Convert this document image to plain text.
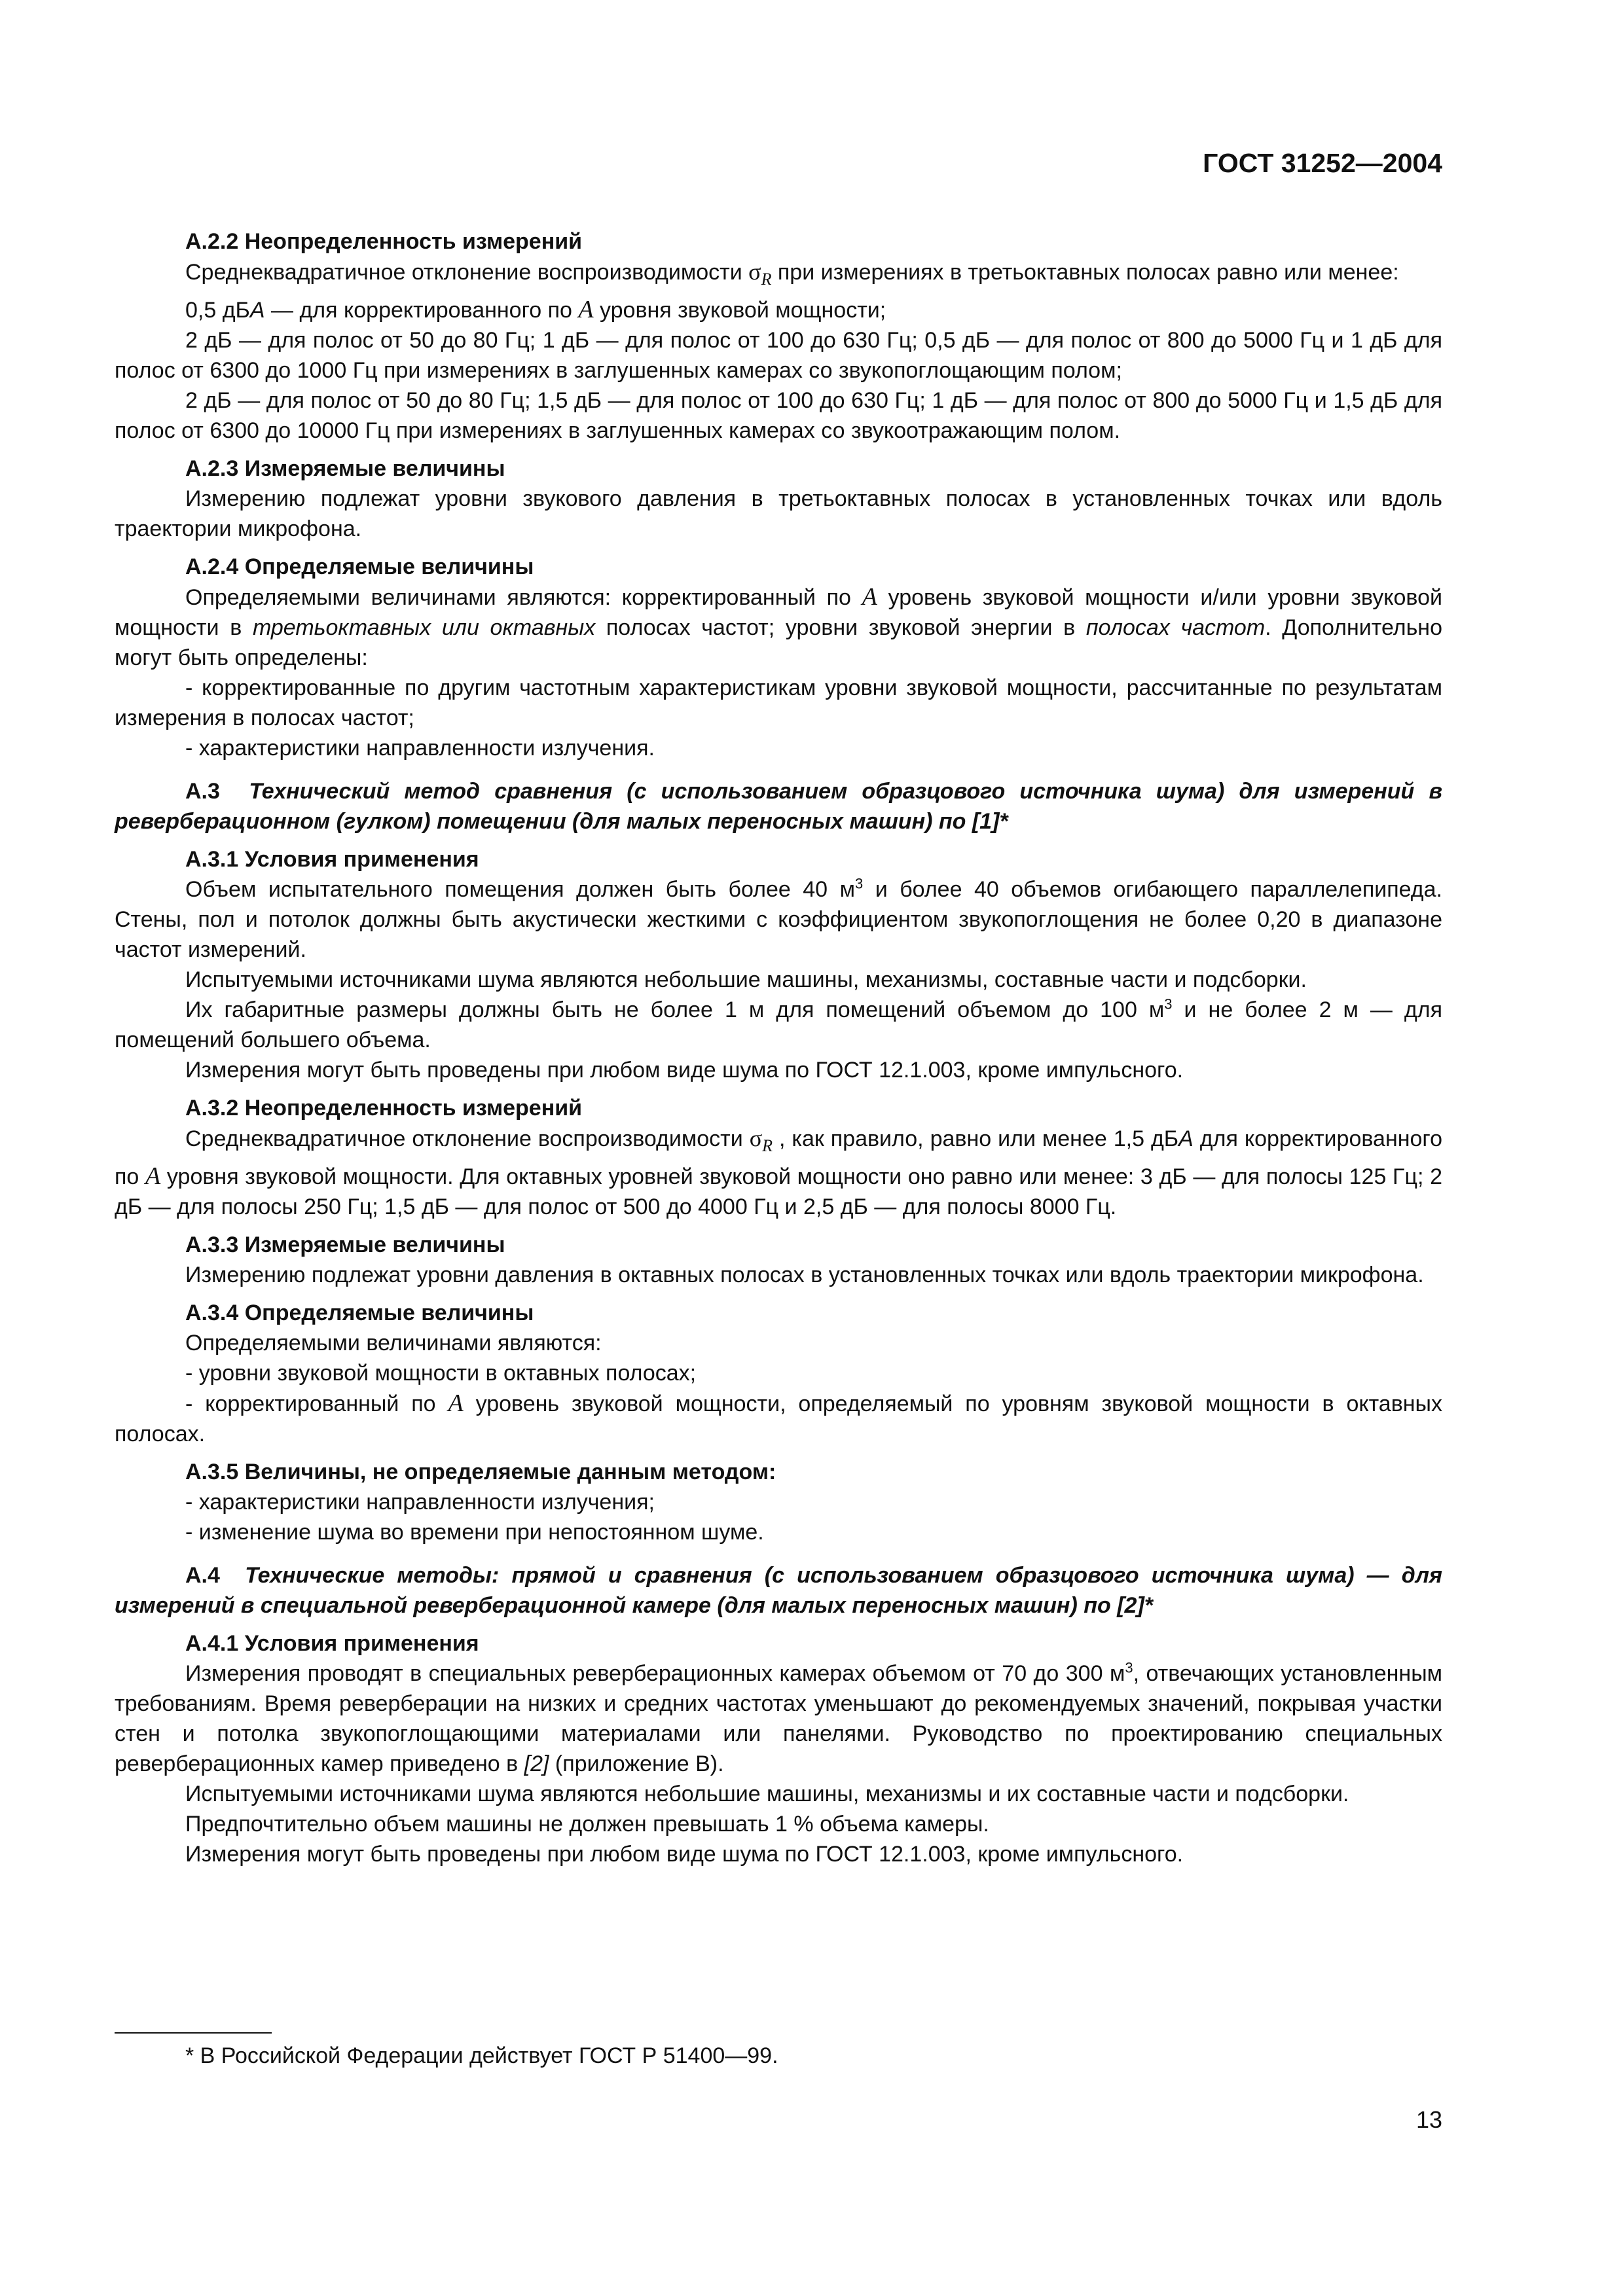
ГОСТ 31252—2004

А.2.2 Неопределенность измерений

Среднеквадратичное отклонение воспроизводимости $\sigma_R$ при измерениях в третьоктавных полосах равно или менее:

0,5 дБА — для корректированного по А уровня звуковой мощности;

2 дБ — для полос от 50 до 80 Гц; 1 дБ — для полос от 100 до 630 Гц; 0,5 дБ — для полос от 800 до 5000 Гц и 1 дБ для полос от 6300 до 1000 Гц при измерениях в заглушенных камерах со звукопоглощающим полом;

2 дБ — для полос от 50 до 80 Гц; 1,5 дБ — для полос от 100 до 630 Гц; 1 дБ — для полос от 800 до 5000 Гц и 1,5 дБ для полос от 6300 до 10000 Гц при измерениях в заглушенных камерах со звукоотражающим полом.

А.2.3 Измеряемые величины

Измерению подлежат уровни звукового давления в третьоктавных полосах в установленных точках или вдоль траектории микрофона.

А.2.4 Определяемые величины

Определяемыми величинами являются: корректированный по А уровень звуковой мощности и/или уровни звуковой мощности в третьоктавных или октавных полосах частот; уровни звуковой энергии в полосах частот. Дополнительно могут быть определены:

- корректированные по другим частотным характеристикам уровни звуковой мощности, рассчитанные по результатам измерения в полосах частот;

- характеристики направленности излучения.

А.3 Технический метод сравнения (с использованием образцового источника шума) для измерений в реверберационном (гулком) помещении (для малых переносных машин) по [1]*

А.3.1 Условия применения

Объем испытательного помещения должен быть более 40 $м^3$ и более 40 объемов огибающего параллелепипеда. Стены, пол и потолок должны быть акустически жесткими с коэффициентом звукопоглощения не более 0,20 в диапазоне частот измерений.

Испытуемыми источниками шума являются небольшие машины, механизмы, составные части и подсборки.

Их габаритные размеры должны быть не более 1 м для помещений объемом до 100 $м^3$ и не более 2 м — для помещений большего объема.

Измерения могут быть проведены при любом виде шума по ГОСТ 12.1.003, кроме импульсного.

А.3.2 Неопределенность измерений

Среднеквадратичное отклонение воспроизводимости $\sigma_R$ , как правило, равно или менее 1,5 дБА для корректированного по А уровня звуковой мощности. Для октавных уровней звуковой мощности оно равно или менее: 3 дБ — для полосы 125 Гц; 2 дБ — для полосы 250 Гц; 1,5 дБ — для полос от 500 до 4000 Гц и 2,5 дБ — для полосы 8000 Гц.

А.3.3 Измеряемые величины

Измерению подлежат уровни давления в октавных полосах в установленных точках или вдоль траектории микрофона.

А.3.4 Определяемые величины

Определяемыми величинами являются:

- уровни звуковой мощности в октавных полосах;

- корректированный по А уровень звуковой мощности, определяемый по уровням звуковой мощности в октавных полосах.

А.3.5 Величины, не определяемые данным методом:

- характеристики направленности излучения;

- изменение шума во времени при непостоянном шуме.

А.4 Технические методы: прямой и сравнения (с использованием образцового источника шума) — для измерений в специальной реверберационной камере (для малых переносных машин) по [2]*

А.4.1 Условия применения

Измерения проводят в специальных реверберационных камерах объемом от 70 до 300 $м^3$, отвечающих установленным требованиям. Время реверберации на низких и средних частотах уменьшают до рекомендуемых значений, покрывая участки стен и потолка звукопоглощающими материалами или панелями. Руководство по проектированию специальных реверберационных камер приведено в [2] (приложение В).

Испытуемыми источниками шума являются небольшие машины, механизмы и их составные части и подсборки.

Предпочтительно объем машины не должен превышать 1 % объема камеры.

Измерения могут быть проведены при любом виде шума по ГОСТ 12.1.003, кроме импульсного.

* В Российской Федерации действует ГОСТ Р 51400—99.
13
